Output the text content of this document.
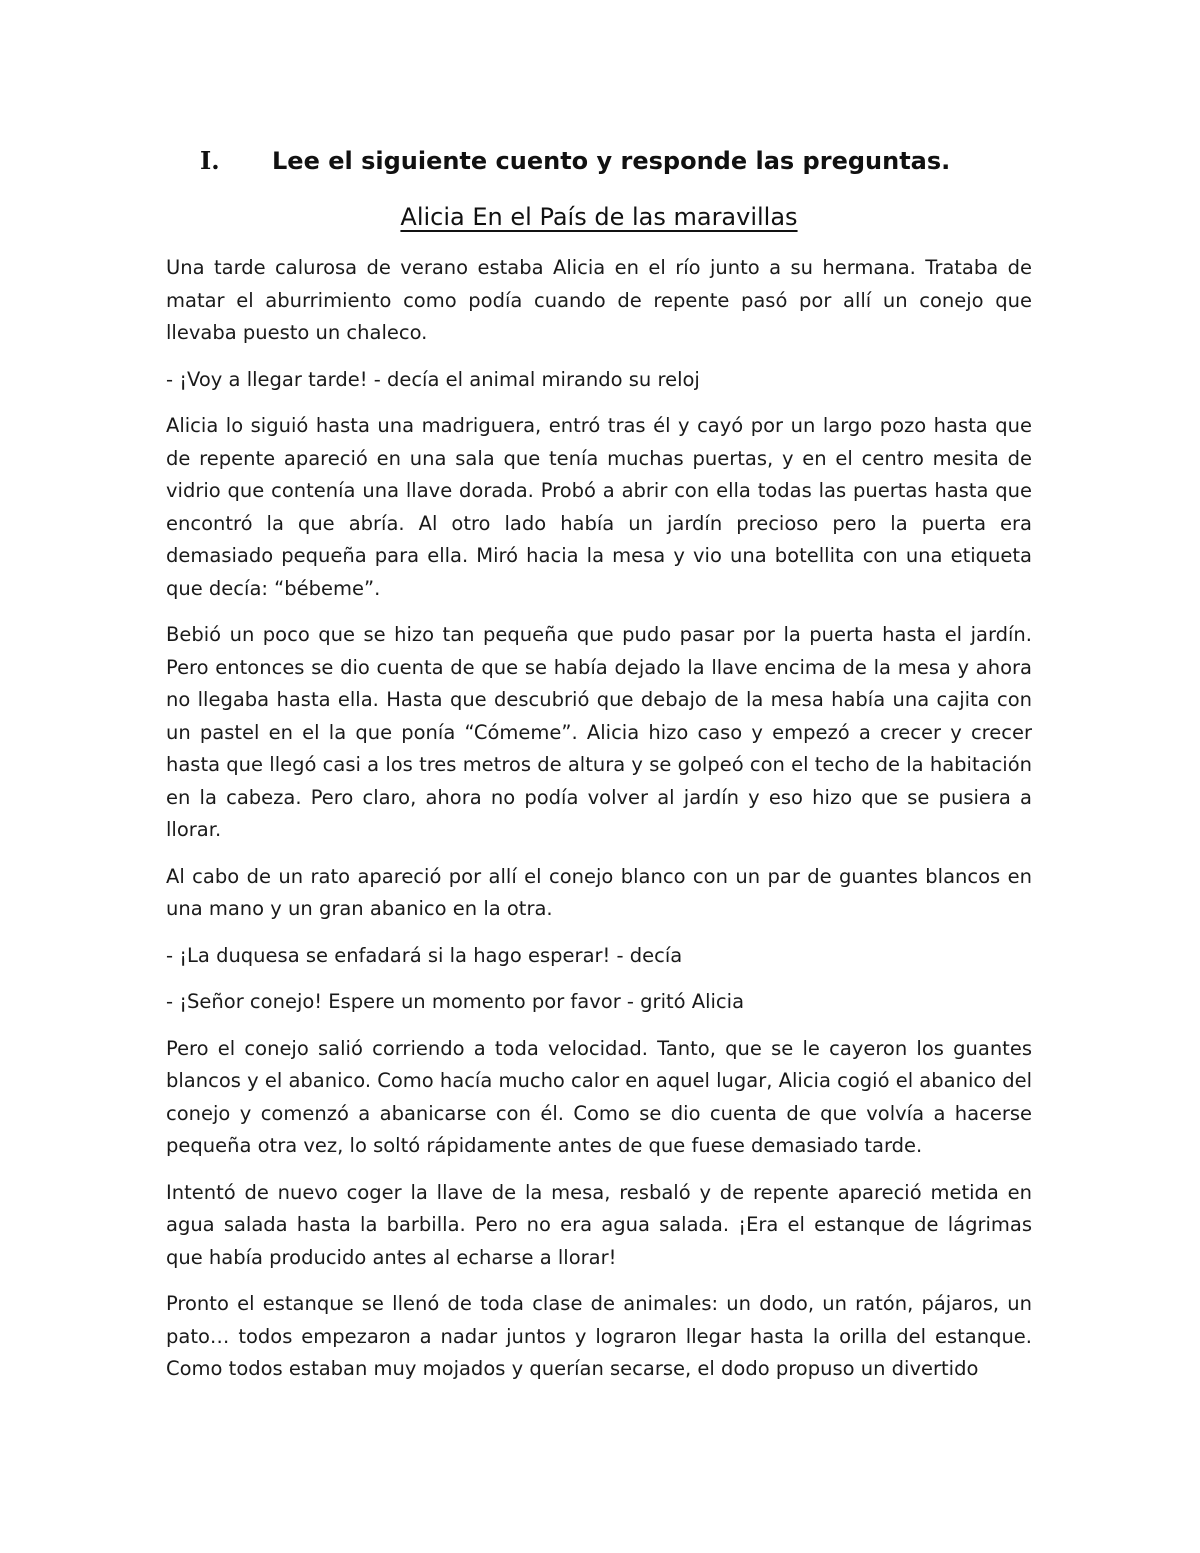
I. Lee el siguiente cuento y responde las preguntas.
Alicia En el País de las maravillas

Una tarde calurosa de verano estaba Alicia en el río junto a su hermana. Trataba de matar el aburrimiento como podía cuando de repente pasó por allí un conejo que llevaba puesto un chaleco.

- ¡Voy a llegar tarde! - decía el animal mirando su reloj

Alicia lo siguió hasta una madriguera, entró tras él y cayó por un largo pozo hasta que de repente apareció en una sala que tenía muchas puertas, y en el centro mesita de vidrio que contenía una llave dorada. Probó a abrir con ella todas las puertas hasta que encontró la que abría. Al otro lado había un jardín precioso pero la puerta era demasiado pequeña para ella. Miró hacia la mesa y vio una botellita con una etiqueta que decía: “bébeme”.

Bebió un poco que se hizo tan pequeña que pudo pasar por la puerta hasta el jardín. Pero entonces se dio cuenta de que se había dejado la llave encima de la mesa y ahora no llegaba hasta ella. Hasta que descubrió que debajo de la mesa había una cajita con un pastel en el la que ponía “Cómeme”. Alicia hizo caso y empezó a crecer y crecer hasta que llegó casi a los tres metros de altura y se golpeó con el techo de la habitación en la cabeza. Pero claro, ahora no podía volver al jardín y eso hizo que se pusiera a llorar.

Al cabo de un rato apareció por allí el conejo blanco con un par de guantes blancos en una mano y un gran abanico en la otra.

- ¡La duquesa se enfadará si la hago esperar! - decía

- ¡Señor conejo! Espere un momento por favor - gritó Alicia

Pero el conejo salió corriendo a toda velocidad. Tanto, que se le cayeron los guantes blancos y el abanico. Como hacía mucho calor en aquel lugar, Alicia cogió el abanico del conejo y comenzó a abanicarse con él. Como se dio cuenta de que volvía a hacerse pequeña otra vez, lo soltó rápidamente antes de que fuese demasiado tarde.

Intentó de nuevo coger la llave de la mesa, resbaló y de repente apareció metida en agua salada hasta la barbilla. Pero no era agua salada. ¡Era el estanque de lágrimas que había producido antes al echarse a llorar!

Pronto el estanque se llenó de toda clase de animales: un dodo, un ratón, pájaros, un pato… todos empezaron a nadar juntos y lograron llegar hasta la orilla del estanque. Como todos estaban muy mojados y querían secarse, el dodo propuso un divertido
